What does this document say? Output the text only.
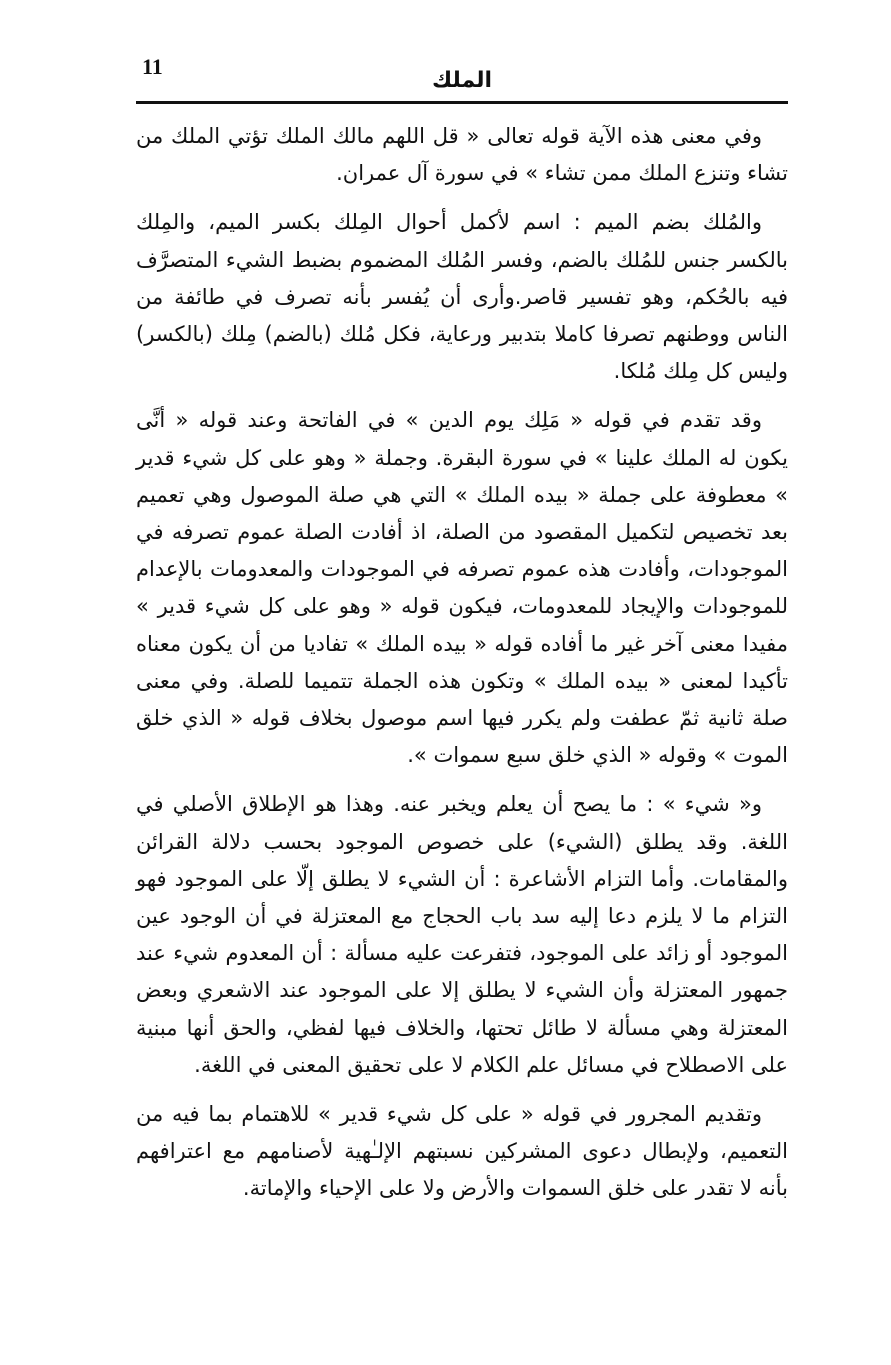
11
الملك

وفي معنى هذه الآية قوله تعالى « قل اللهم مالك الملك تؤتي الملك من تشاء وتنزع الملك ممن تشاء » في سورة آل عمران.

والمُلك بضم الميم : اسم لأكمل أحوال المِلك بكسر الميم، والمِلك بالكسر جنس للمُلك بالضم، وفسر المُلك المضموم بضبط الشيء المتصرَّف فيه بالحُكم، وهو تفسير قاصر.وأرى أن يُفسر بأنه تصرف في طائفة من الناس ووطنهم تصرفا كاملا بتدبير ورعاية، فكل مُلك (بالضم) مِلك (بالكسر) وليس كل مِلك مُلكا.

وقد تقدم في قوله « مَلِك يوم الدين » في الفاتحة وعند قوله « أنَّى يكون له الملك علينا » في سورة البقرة. وجملة « وهو على كل شيء قدير » معطوفة على جملة « بيده الملك » التي هي صلة الموصول وهي تعميم بعد تخصيص لتكميل المقصود من الصلة، اذ أفادت الصلة عموم تصرفه في الموجودات، وأفادت هذه عموم تصرفه في الموجودات والمعدومات بالإعدام للموجودات والإيجاد للمعدومات، فيكون قوله « وهو على كل شيء قدير » مفيدا معنى آخر غير ما أفاده قوله « بيده الملك » تفاديا من أن يكون معناه تأكيدا لمعنى « بيده الملك » وتكون هذه الجملة تتميما للصلة. وفي معنى صلة ثانية ثمّ عطفت ولم يكرر فيها اسم موصول بخلاف قوله « الذي خلق الموت » وقوله « الذي خلق سبع سموات ».

و« شيء » : ما يصح أن يعلم ويخبر عنه. وهذا هو الإطلاق الأصلي في اللغة. وقد يطلق (الشيء) على خصوص الموجود بحسب دلالة القرائن والمقامات. وأما التزام الأشاعرة : أن الشيء لا يطلق إلّا على الموجود فهو التزام ما لا يلزم دعا إليه سد باب الحجاج مع المعتزلة في أن الوجود عين الموجود أو زائد على الموجود، فتفرعت عليه مسألة : أن المعدوم شيء عند جمهور المعتزلة وأن الشيء لا يطلق إلا على الموجود عند الاشعري وبعض المعتزلة وهي مسألة لا طائل تحتها، والخلاف فيها لفظي، والحق أنها مبنية على الاصطلاح في مسائل علم الكلام لا على تحقيق المعنى في اللغة.

وتقديم المجرور في قوله « على كل شيء قدير » للاهتمام بما فيه من التعميم، ولإبطال دعوى المشركين نسبتهم الإلـٰهية لأصنامهم مع اعترافهم بأنه لا تقدر على خلق السموات والأرض ولا على الإحياء والإماتة.
